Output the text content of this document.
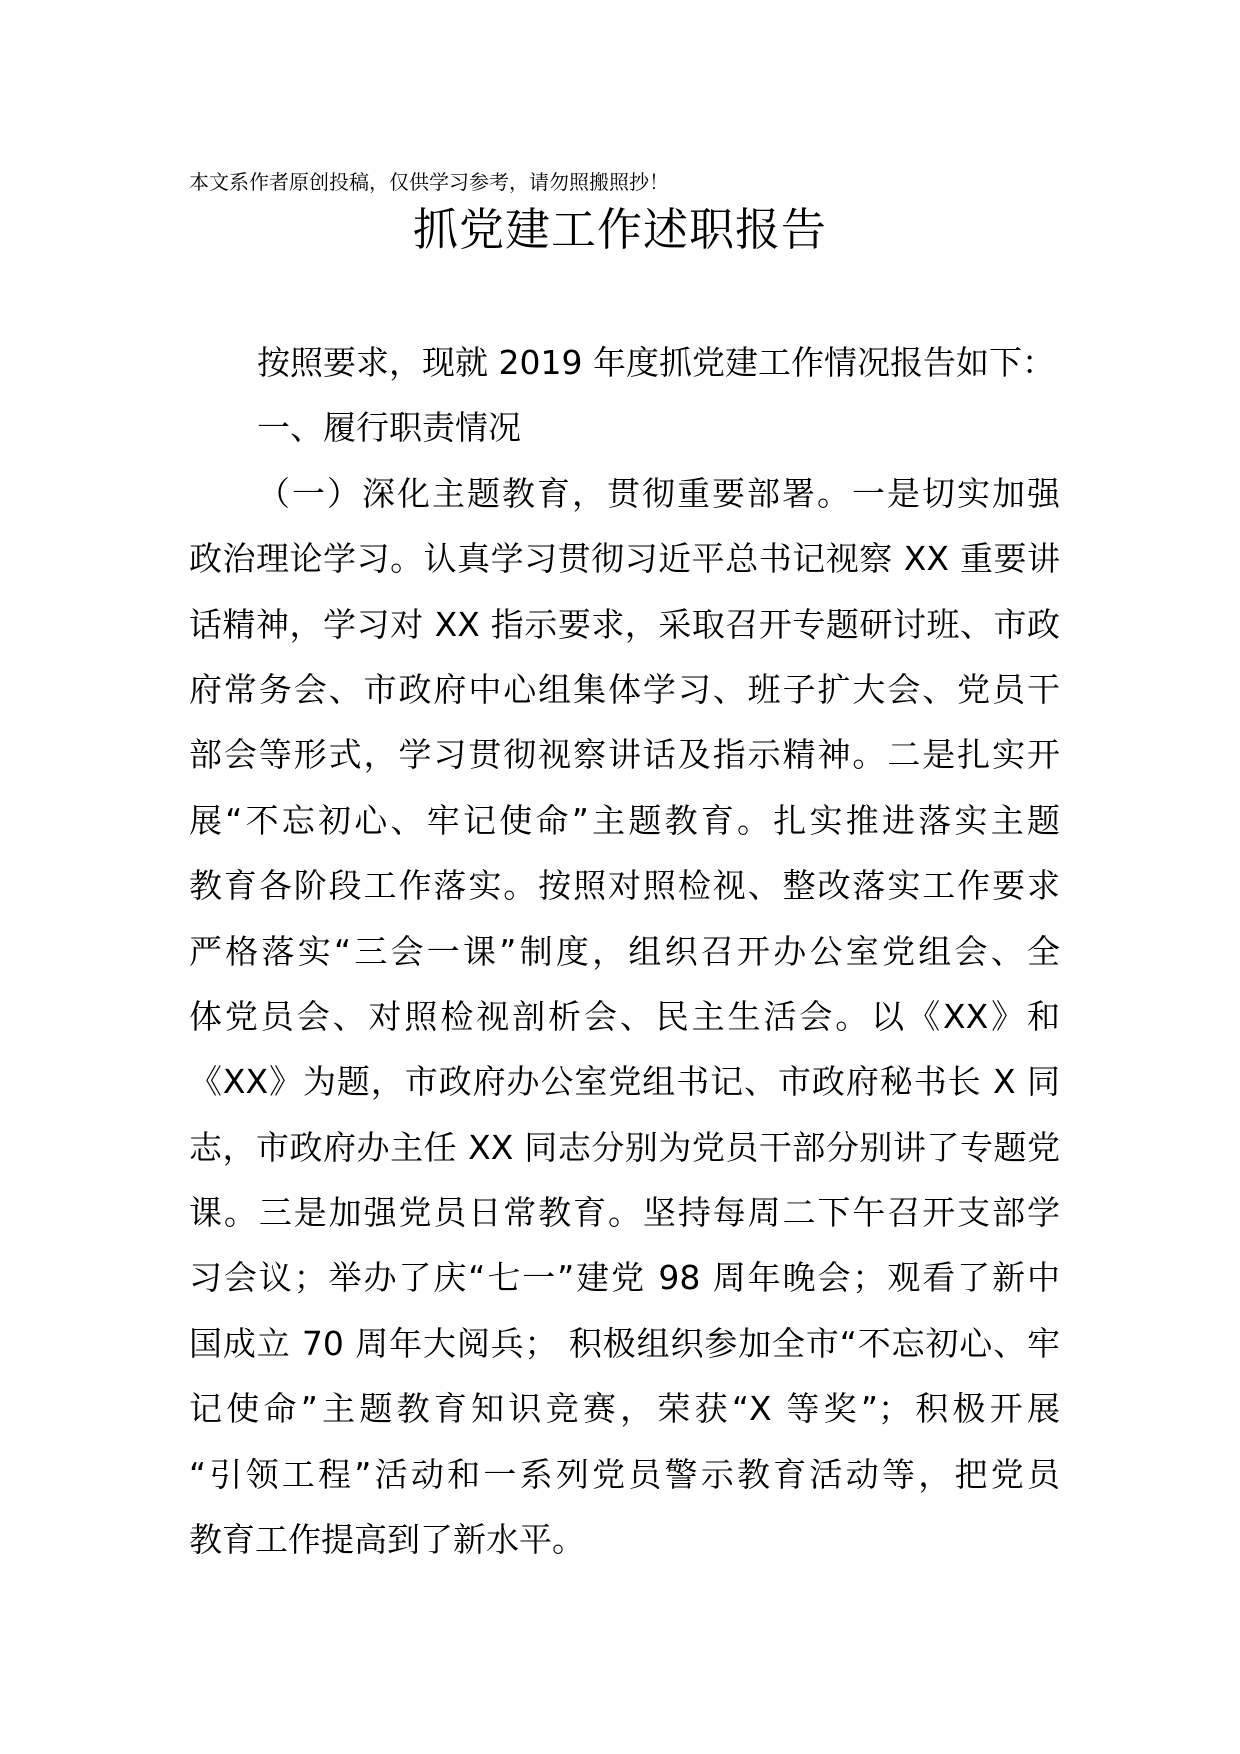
本文系作者原创投稿，仅供学习参考，请勿照搬照抄！
抓党建工作述职报告
按照要求，现就 2019 年度抓党建工作情况报告如下：
一、履行职责情况
（一）深化主题教育，贯彻重要部署。一是切实加强
政治理论学习。认真学习贯彻习近平总书记视察 XX 重要讲
话精神，学习对 XX 指示要求，采取召开专题研讨班、市政
府常务会、市政府中心组集体学习、班子扩大会、党员干
部会等形式，学习贯彻视察讲话及指示精神。二是扎实开
展“不忘初心、牢记使命”主题教育。扎实推进落实主题
教育各阶段工作落实。按照对照检视、整改落实工作要求
严格落实“三会一课”制度，组织召开办公室党组会、全
体党员会、对照检视剖析会、民主生活会。以《XX》和
《XX》为题，市政府办公室党组书记、市政府秘书长 X 同
志，市政府办主任 XX 同志分别为党员干部分别讲了专题党
课。三是加强党员日常教育。坚持每周二下午召开支部学
习会议；举办了庆“七一”建党 98 周年晚会；观看了新中
国成立 70 周年大阅兵； 积极组织参加全市“不忘初心、牢
记使命”主题教育知识竞赛，荣获“X 等奖”；积极开展
“引领工程”活动和一系列党员警示教育活动等，把党员
教育工作提高到了新水平。
